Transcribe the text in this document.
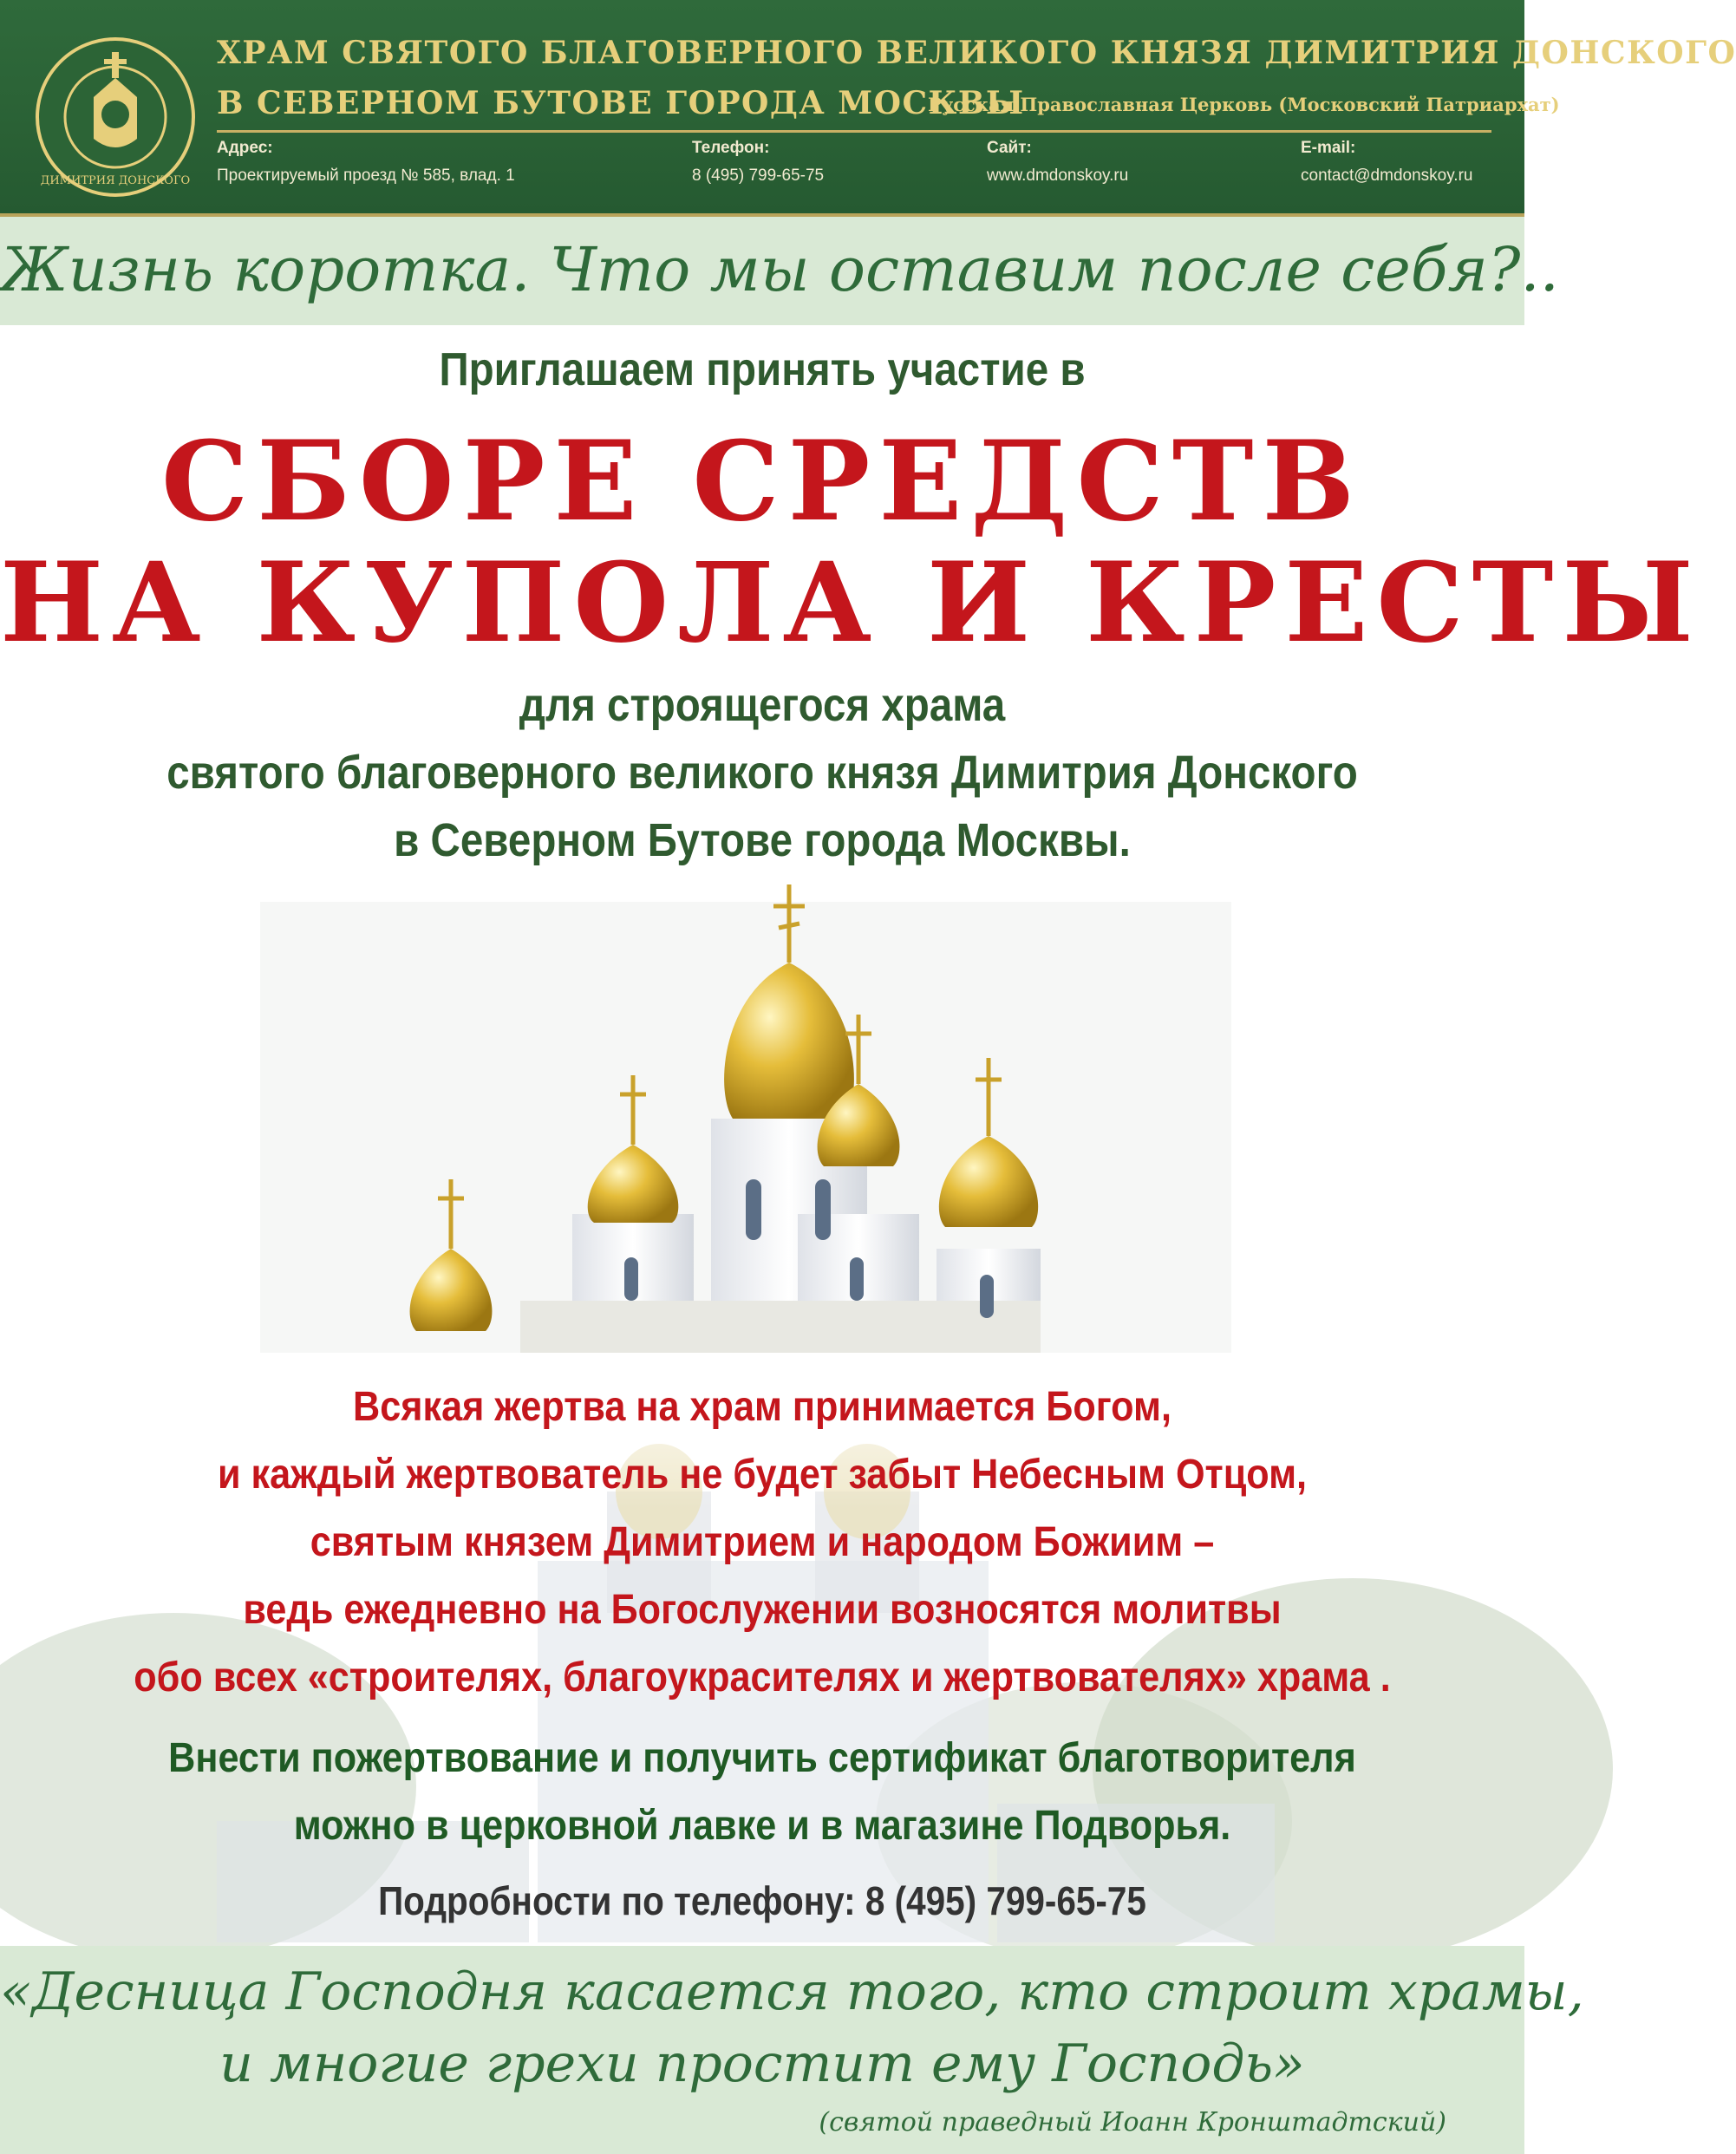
ДИМИТРИЯ ДОНСКОГО
ХРАМ СВЯТОГО БЛАГОВЕРНОГО ВЕЛИКОГО КНЯЗЯ ДИМИТРИЯ ДОНСКОГО
В СЕВЕРНОМ БУТОВЕ ГОРОДА МОСКВЫ
Русская Православная Церковь (Московский Патриархат)
Адрес:
Проектируемый проезд № 585, влад. 1
Телефон:
8 (495) 799-65-75
Сайт:
www.dmdonskoy.ru
E-mail:
contact@dmdonskoy.ru
Жизнь коротка. Что мы оставим после себя?..
Приглашаем принять участие в
СБОРЕ СРЕДСТВ
НА КУПОЛА И КРЕСТЫ
для строящегося храма
святого благоверного великого князя Димитрия Донского
в Северном Бутове города Москвы.
Всякая жертва на храм принимается Богом,
и каждый жертвователь не будет забыт Небесным Отцом,
святым князем Димитрием и народом Божиим –
ведь ежедневно на Богослужении возносятся молитвы
обо всех «строителях, благоукрасителях и жертвователях» храма .
Внести пожертвование и получить сертификат благотворителя
можно в церковной лавке и в магазине Подворья.
Подробности по телефону: 8 (495) 799-65-75
«Десница Господня касается того, кто строит храмы,
и многие грехи простит ему Господь»
(святой праведный Иоанн Кронштадтский)
